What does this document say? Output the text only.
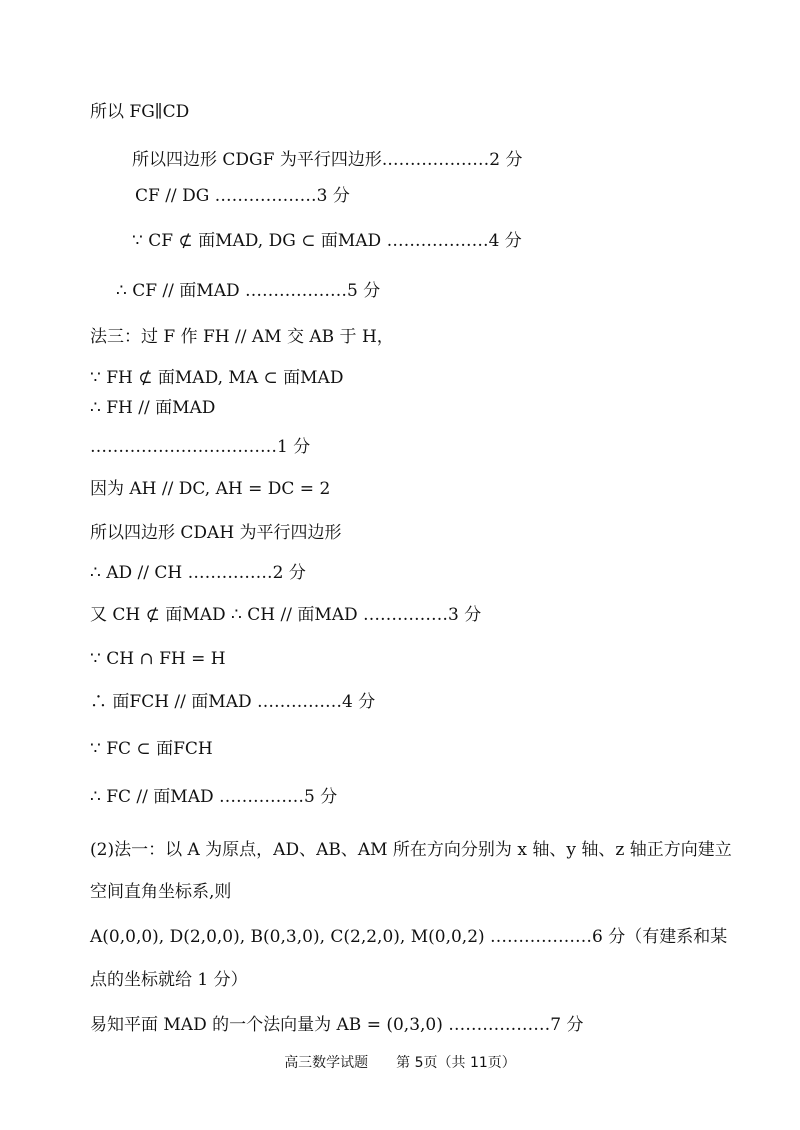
所以 FG∥CD
所以四边形 CDGF 为平行四边形.………………2 分
CF // DG ………………3 分
∵ CF ⊄ 面MAD, DG ⊂ 面MAD ………………4 分
∴ CF // 面MAD ………………5 分
法三：过 F 作 FH // AM 交 AB 于 H，
∵ FH ⊄ 面MAD, MA ⊂ 面MAD
∴ FH // 面MAD
……………………………1 分
因为 AH // DC, AH = DC = 2
所以四边形 CDAH 为平行四边形
∴ AD // CH ……………2 分
又 CH ⊄ 面MAD ∴ CH // 面MAD ……………3 分
∵ CH ∩ FH = H
∴ 面FCH // 面MAD ……………4 分
∵ FC ⊂ 面FCH
∴ FC // 面MAD ……………5 分
(2)法一：以 A 为原点，AD、AB、AM 所在方向分别为 x 轴、y 轴、z 轴正方向建立
空间直角坐标系,则
A(0,0,0), D(2,0,0), B(0,3,0), C(2,2,0), M(0,0,2) ………………6 分（有建系和某
点的坐标就给 1 分）
易知平面 MAD 的一个法向量为 AB = (0,3,0) ………………7 分
高三数学试题　　第 5页（共 11页）
